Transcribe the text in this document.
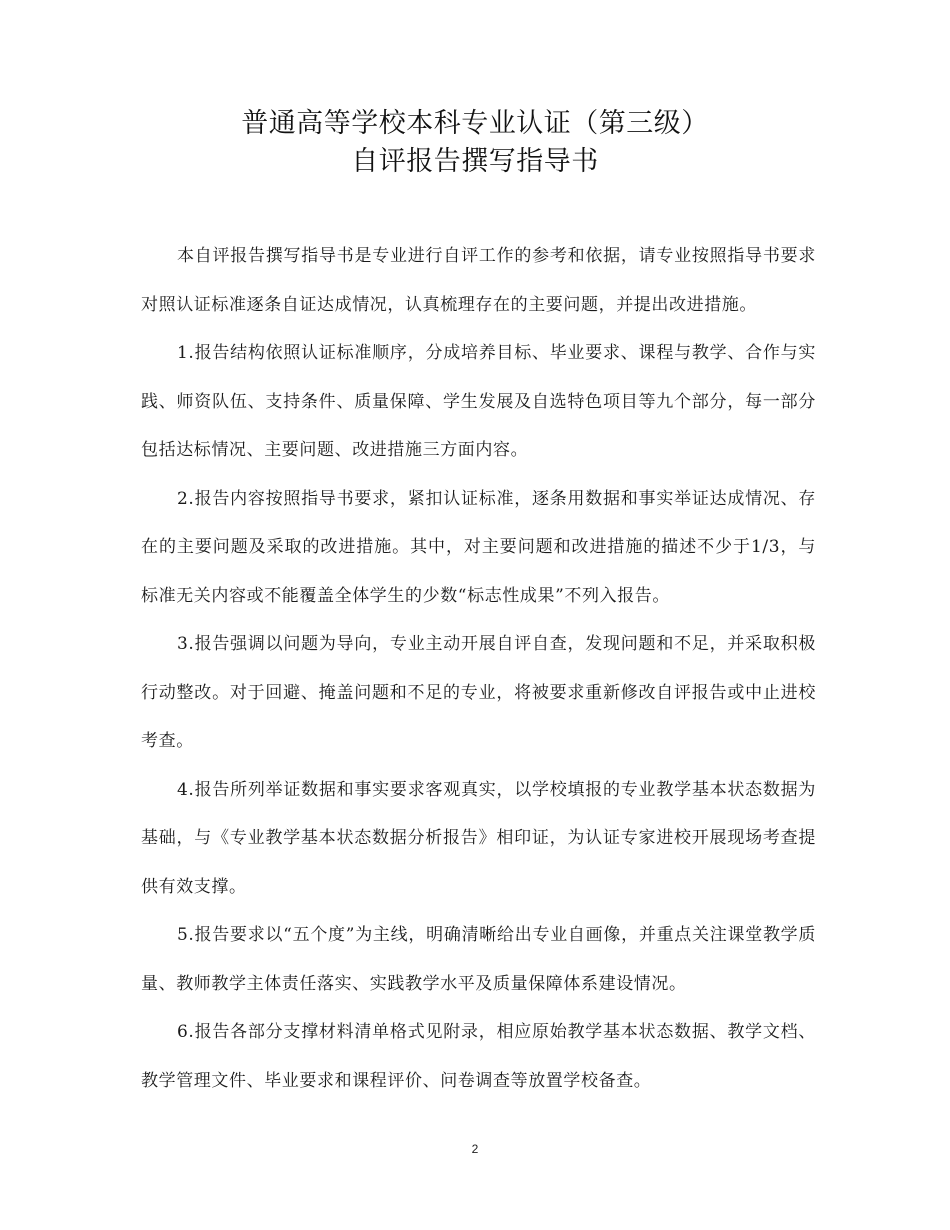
普通高等学校本科专业认证（第三级）
自评报告撰写指导书

本自评报告撰写指导书是专业进行自评工作的参考和依据，请专业按照指导书要求对照认证标准逐条自证达成情况，认真梳理存在的主要问题，并提出改进措施。

1.报告结构依照认证标准顺序，分成培养目标、毕业要求、课程与教学、合作与实践、师资队伍、支持条件、质量保障、学生发展及自选特色项目等九个部分，每一部分包括达标情况、主要问题、改进措施三方面内容。

2.报告内容按照指导书要求，紧扣认证标准，逐条用数据和事实举证达成情况、存在的主要问题及采取的改进措施。其中，对主要问题和改进措施的描述不少于1/3，与标准无关内容或不能覆盖全体学生的少数“标志性成果”不列入报告。

3.报告强调以问题为导向，专业主动开展自评自查，发现问题和不足，并采取积极行动整改。对于回避、掩盖问题和不足的专业，将被要求重新修改自评报告或中止进校考查。

4.报告所列举证数据和事实要求客观真实，以学校填报的专业教学基本状态数据为基础，与《专业教学基本状态数据分析报告》相印证，为认证专家进校开展现场考查提供有效支撑。

5.报告要求以“五个度”为主线，明确清晰给出专业自画像，并重点关注课堂教学质量、教师教学主体责任落实、实践教学水平及质量保障体系建设情况。

6.报告各部分支撑材料清单格式见附录，相应原始教学基本状态数据、教学文档、教学管理文件、毕业要求和课程评价、问卷调查等放置学校备查。

2
